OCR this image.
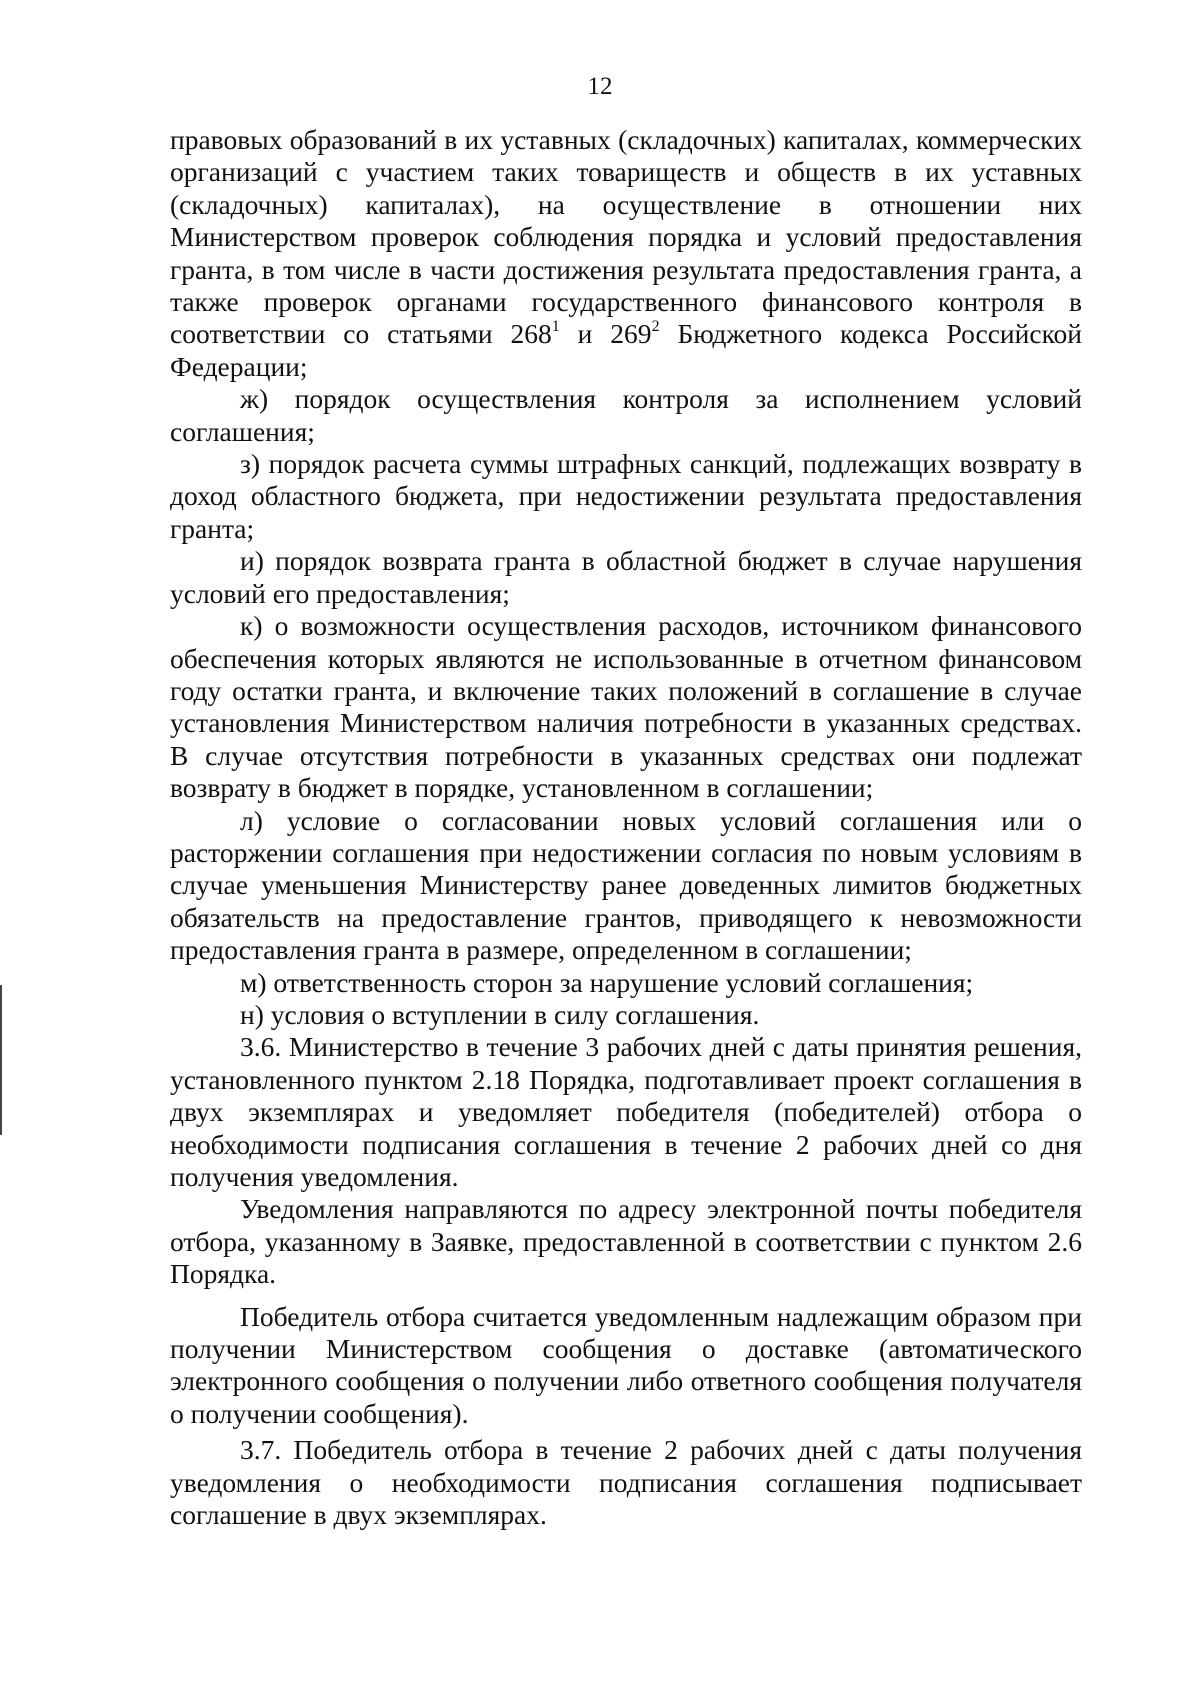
12

правовых образований в их уставных (складочных) капиталах, коммерческих организаций с участием таких товариществ и обществ в их уставных (складочных) капиталах), на осуществление в отношении них Министерством проверок соблюдения порядка и условий предоставления гранта, в том числе в части достижения результата предоставления гранта, а также проверок органами государственного финансового контроля в соответствии со статьями $268^1$ и $269^2$ Бюджетного кодекса Российской Федерации;

ж) порядок осуществления контроля за исполнением условий соглашения;

з) порядок расчета суммы штрафных санкций, подлежащих возврату в доход областного бюджета, при недостижении результата предоставления гранта;

и) порядок возврата гранта в областной бюджет в случае нарушения условий его предоставления;

к) о возможности осуществления расходов, источником финансового обеспечения которых являются не использованные в отчетном финансовом году остатки гранта, и включение таких положений в соглашение в случае установления Министерством наличия потребности в указанных средствах. В случае отсутствия потребности в указанных средствах они подлежат возврату в бюджет в порядке, установленном в соглашении;

л) условие о согласовании новых условий соглашения или о расторжении соглашения при недостижении согласия по новым условиям в случае уменьшения Министерству ранее доведенных лимитов бюджетных обязательств на предоставление грантов, приводящего к невозможности предоставления гранта в размере, определенном в соглашении;

м) ответственность сторон за нарушение условий соглашения;

н) условия о вступлении в силу соглашения.

3.6. Министерство в течение 3 рабочих дней с даты принятия решения, установленного пунктом 2.18 Порядка, подготавливает проект соглашения в двух экземплярах и уведомляет победителя (победителей) отбора о необходимости подписания соглашения в течение 2 рабочих дней со дня получения уведомления.

Уведомления направляются по адресу электронной почты победителя отбора, указанному в Заявке, предоставленной в соответствии с пунктом 2.6 Порядка.

Победитель отбора считается уведомленным надлежащим образом при получении Министерством сообщения о доставке (автоматического электронного сообщения о получении либо ответного сообщения получателя о получении сообщения).

3.7. Победитель отбора в течение 2 рабочих дней с даты получения уведомления о необходимости подписания соглашения подписывает соглашение в двух экземплярах.
